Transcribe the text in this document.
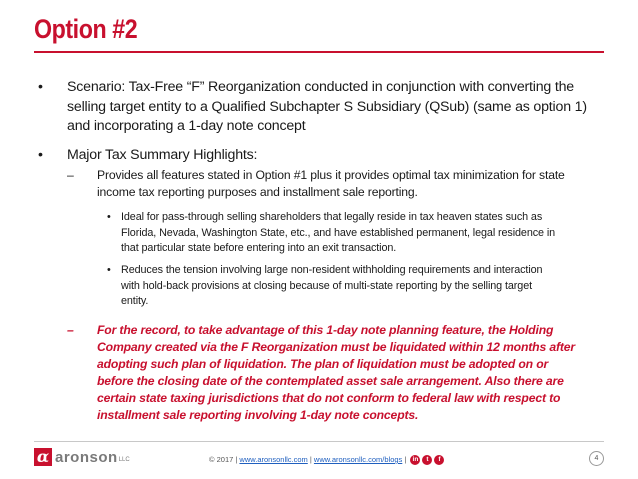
Option #2
• Scenario: Tax-Free “F” Reorganization conducted in conjunction with converting the
selling target entity to a Qualified Subchapter S Subsidiary (QSub) (same as option 1)
and incorporating a 1-day note concept
• Major Tax Summary Highlights:
– Provides all features stated in Option #1 plus it provides optimal tax minimization for state
income tax reporting purposes and installment sale reporting.
• Ideal for pass-through selling shareholders that legally reside in tax heaven states such as
Florida, Nevada, Washington State, etc., and have established permanent, legal residence in
that particular state before entering into an exit transaction.
• Reduces the tension involving large non-resident withholding requirements and interaction
with hold-back provisions at closing because of multi-state reporting by the selling target
entity.
– For the record, to take advantage of this 1-day note planning feature, the Holding
Company created via the F Reorganization must be liquidated within 12 months after
adopting such plan of liquidation. The plan of liquidation must be adopted on or
before the closing date of the contemplated asset sale arrangement. Also there are
certain state taxing jurisdictions that do not conform to federal law with respect to
installment sale reporting involving 1-day note concepts.
α aronson LLC	© 2017 | www.aronsonllc.com | www.aronsonllc.com/blogs | in	t	f	4
